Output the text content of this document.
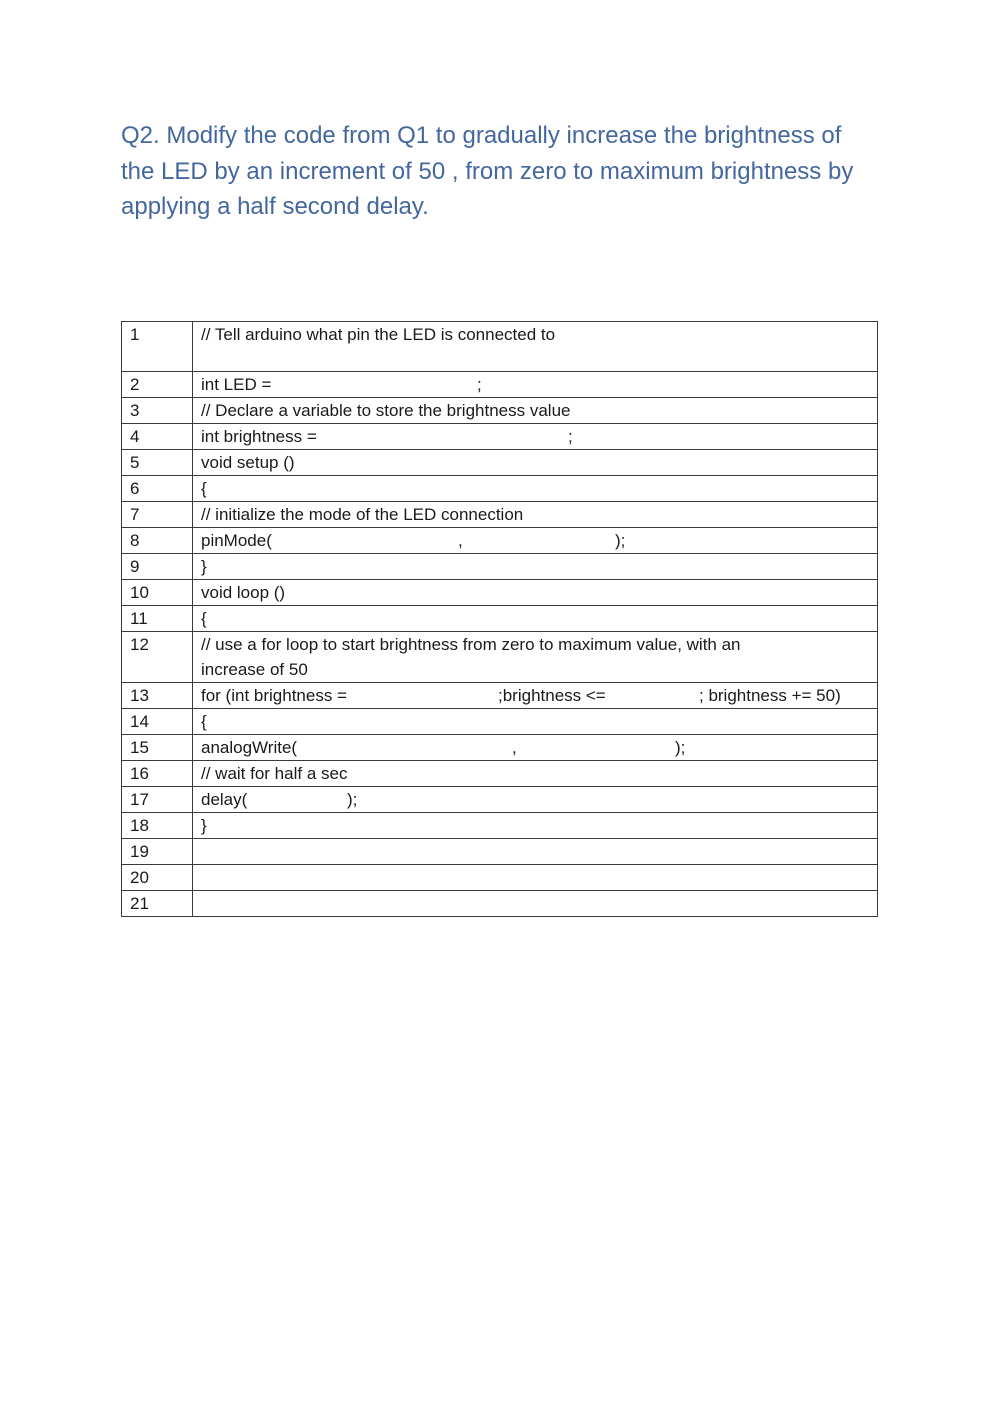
Q2. Modify the code from Q1 to gradually increase the brightness of the LED by an increment of 50 , from zero to maximum brightness by applying a half second delay.

1	// Tell arduino what pin the LED is connected to
2	int LED = ;

3	// Declare a variable to store the brightness value
4	int brightness = ;

5	void setup ()
6	{
7	// initialize the mode of the LED connection
8	pinMode( , );

9	}
10	void loop ()
11	{
12	// use a for loop to start brightness from zero to maximum value, with an
increase of 50

13	for (int brightness = ;brightness <= ; brightness += 50)

14	{
15	analogWrite( , );

16	// wait for half a sec
17	delay( );

18	}
19	
20	
21	
